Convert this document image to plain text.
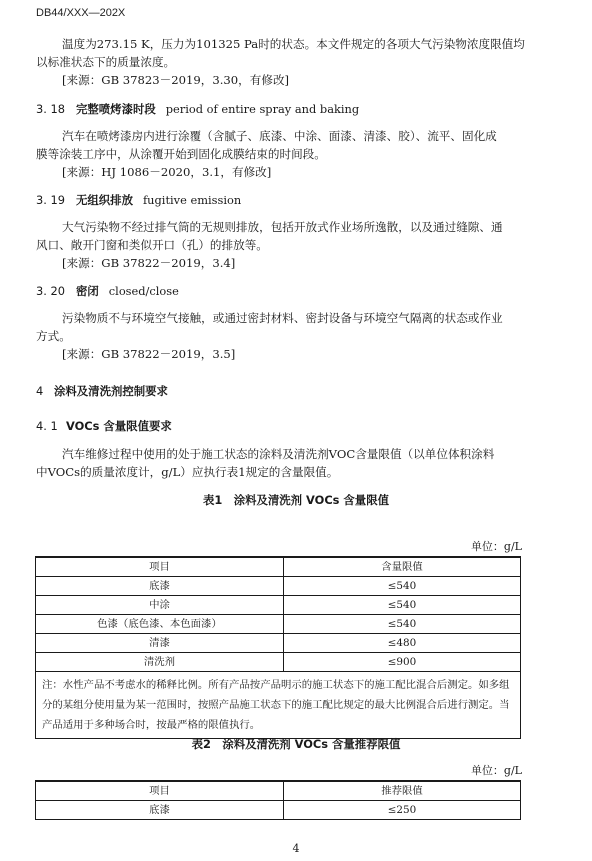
DB44/XXX—202X
温度为273.15 K，压力为101325 Pa时的状态。本文件规定的各项大气污染物浓度限值均
以标准状态下的质量浓度。
[来源：GB 37823－2019，3.30，有修改]
3. 18 完整喷烤漆时段 period of entire spray and baking
汽车在喷烤漆房内进行涂覆（含腻子、底漆、中涂、面漆、清漆、胶）、流平、固化成
膜等涂装工序中，从涂覆开始到固化成膜结束的时间段。
[来源：HJ 1086－2020，3.1，有修改]
3. 19 无组织排放 fugitive emission
大气污染物不经过排气筒的无规则排放，包括开放式作业场所逸散，以及通过缝隙、通
风口、敞开门窗和类似开口（孔）的排放等。
[来源：GB 37822－2019，3.4]
3. 20 密闭 closed/close
污染物质不与环境空气接触，或通过密封材料、密封设备与环境空气隔离的状态或作业
方式。
[来源：GB 37822－2019，3.5]
4 涂料及清洗剂控制要求
4. 1 VOCs 含量限值要求
汽车维修过程中使用的处于施工状态的涂料及清洗剂VOC含量限值（以单位体积涂料
中VOCs的质量浓度计，g/L）应执行表1规定的含量限值。
表1　涂料及清洗剂 VOCs 含量限值
单位：g/L
项目	含量限值
底漆	≤540
中涂	≤540
色漆（底色漆、本色面漆）	≤540
清漆	≤480
清洗剂	≤900

注：水性产品不考虑水的稀释比例。所有产品按产品明示的施工状态下的施工配比混合后测定。如多组
分的某组分使用量为某一范围时，按照产品施工状态下的施工配比规定的最大比例混合后进行测定。当
产品适用于多种场合时，按最严格的限值执行。	
表2　涂料及清洗剂 VOCs 含量推荐限值
单位：g/L
项目	推荐限值
底漆	≤250
4
